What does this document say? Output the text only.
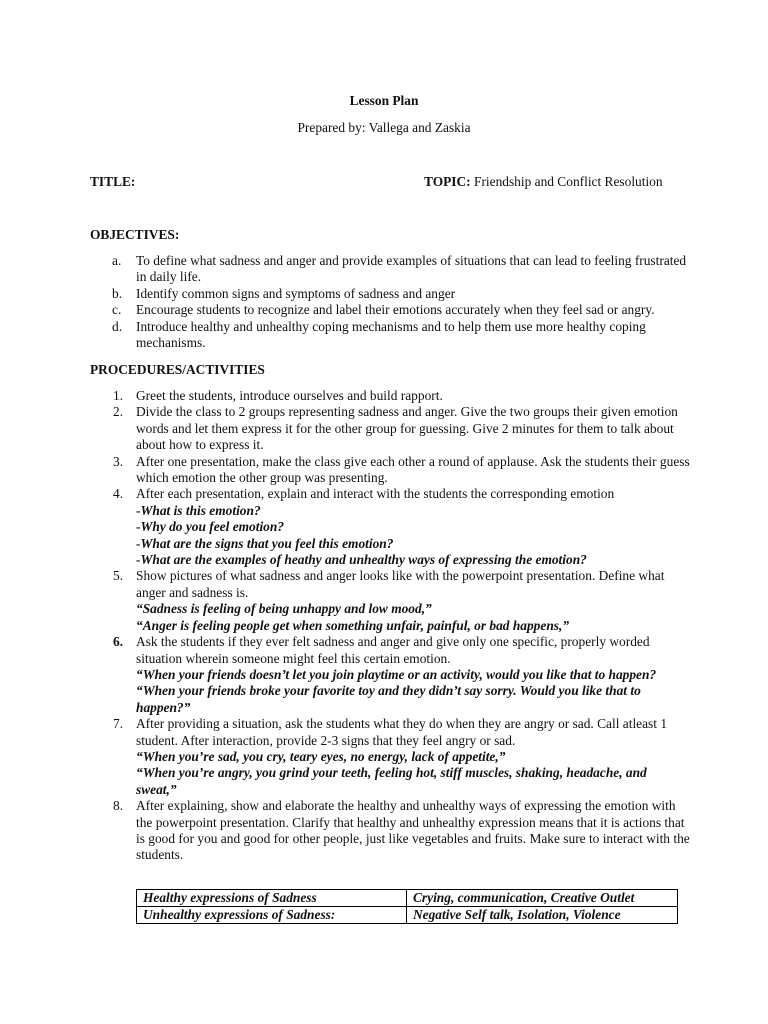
Lesson Plan
Prepared by: Vallega and Zaskia
TITLE:	TOPIC: Friendship and Conflict Resolution
OBJECTIVES:
a. To define what sadness and anger and provide examples of situations that can lead to feeling frustrated in daily life.
b. Identify common signs and symptoms of sadness and anger
c. Encourage students to recognize and label their emotions accurately when they feel sad or angry.
d. Introduce healthy and unhealthy coping mechanisms and to help them use more healthy coping mechanisms.
PROCEDURES/ACTIVITIES
1. Greet the students, introduce ourselves and build rapport.
2. Divide the class to 2 groups representing sadness and anger. Give the two groups their given emotion words and let them express it for the other group for guessing. Give 2 minutes for them to talk about about how to express it.
3. After one presentation, make the class give each other a round of applause. Ask the students their guess which emotion the other group was presenting.
4. After each presentation, explain and interact with the students the corresponding emotion
-What is this emotion?
-Why do you feel emotion?
-What are the signs that you feel this emotion?
-What are the examples of heathy and unhealthy ways of expressing the emotion?
5. Show pictures of what sadness and anger looks like with the powerpoint presentation. Define what anger and sadness is.
“Sadness is feeling of being unhappy and low mood,”
“Anger is feeling people get when something unfair, painful, or bad happens,”
6. Ask the students if they ever felt sadness and anger and give only one specific, properly worded situation wherein someone might feel this certain emotion.
“When your friends doesn’t let you join playtime or an activity, would you like that to happen?
“When your friends broke your favorite toy and they didn’t say sorry. Would you like that to happen?”
7. After providing a situation, ask the students what they do when they are angry or sad. Call atleast 1 student. After interaction, provide 2-3 signs that they feel angry or sad.
“When you’re sad, you cry, teary eyes, no energy, lack of appetite,”
“When you’re angry, you grind your teeth, feeling hot, stiff muscles, shaking, headache, and sweat,”
8. After explaining, show and elaborate the healthy and unhealthy ways of expressing the emotion with the powerpoint presentation. Clarify that healthy and unhealthy expression means that it is actions that is good for you and good for other people, just like vegetables and fruits. Make sure to interact with the students.
Healthy expressions of Sadness	Crying, communication, Creative Outlet
Unhealthy expressions of Sadness:	Negative Self talk, Isolation, Violence
